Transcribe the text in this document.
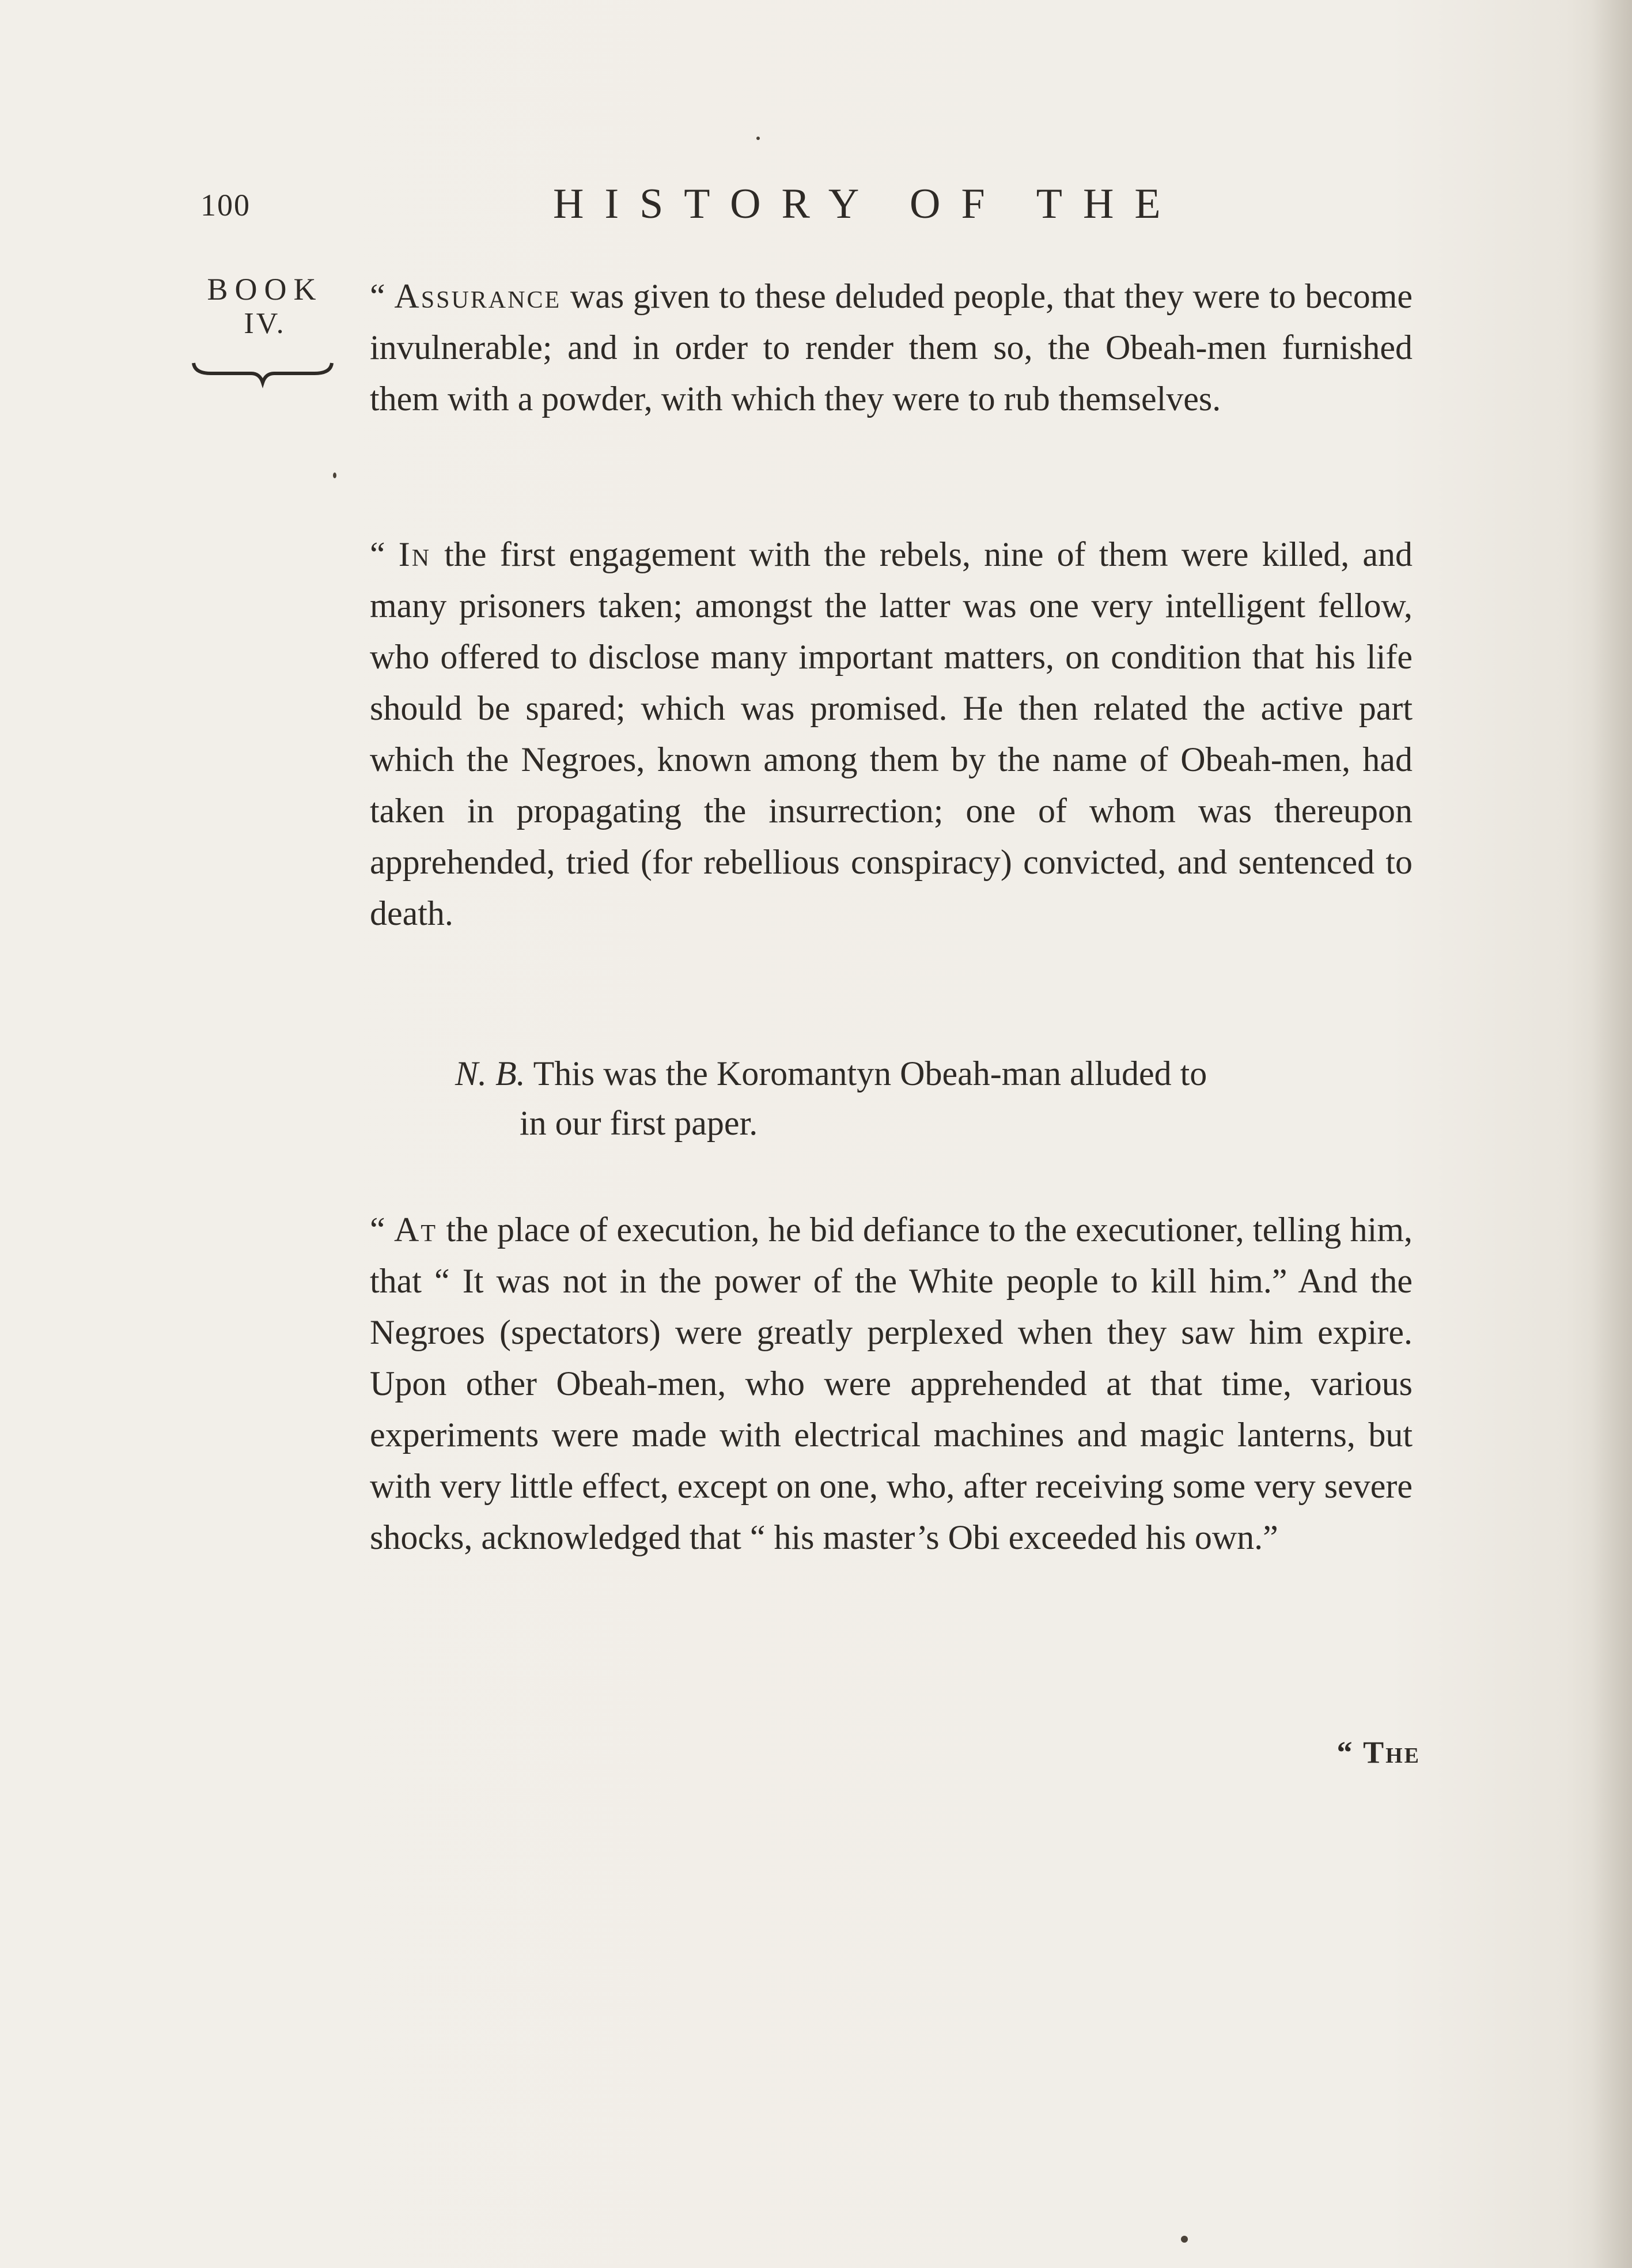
100	HISTORY OF THE
BOOK
IV.

“ Assurance was given to these deluded people, that they were to become invulnerable; and in order to render them so, the Obeah-men furnished them with a powder, with which they were to rub themselves.

“ In the first engagement with the rebels, nine of them were killed, and many prisoners taken; amongst the latter was one very intelligent fellow, who offered to disclose many important matters, on condition that his life should be spared; which was promised. He then related the active part which the Negroes, known among them by the name of Obeah-men, had taken in propagating the insurrection; one of whom was thereupon apprehended, tried (for rebellious conspiracy) convicted, and sentenced to death.

N. B. This was the Koromantyn Obeah-man alluded to
in our first paper.

“ At the place of execution, he bid defiance to the executioner, telling him, that “ It was not in the power of the White people to kill him.” And the Negroes (spectators) were greatly perplexed when they saw him expire. Upon other Obeah-men, who were apprehended at that time, various experiments were made with electrical machines and magic lanterns, but with very little effect, except on one, who, after receiving some very severe shocks, acknowledged that “ his master’s Obi exceeded his own.”

“ The
